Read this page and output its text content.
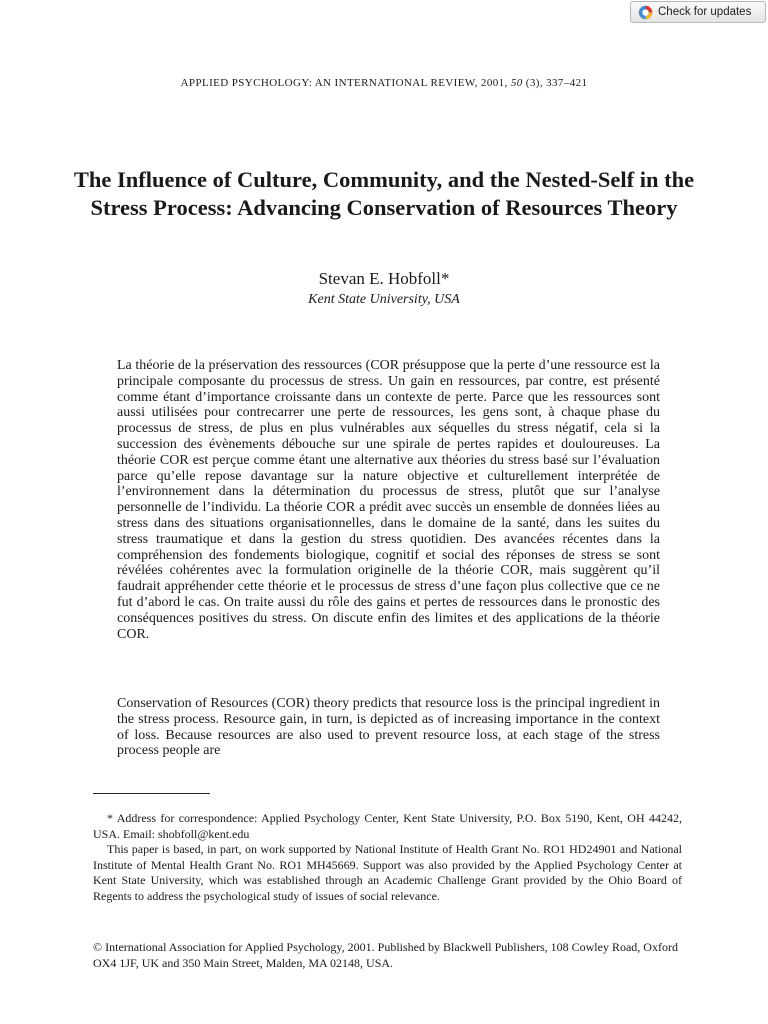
Check for updates
APPLIED PSYCHOLOGY: AN INTERNATIONAL REVIEW, 2001, 50 (3), 337–421
The Influence of Culture, Community, and the Nested-Self in the Stress Process: Advancing Conservation of Resources Theory
Stevan E. Hobfoll*
Kent State University, USA

La théorie de la préservation des ressources (COR présuppose que la perte d’une ressource est la principale composante du processus de stress. Un gain en ressources, par contre, est présenté comme étant d’importance croissante dans un contexte de perte. Parce que les ressources sont aussi utilisées pour contrecarrer une perte de ressources, les gens sont, à chaque phase du processus de stress, de plus en plus vulnérables aux séquelles du stress négatif, cela si la succession des évènements débouche sur une spirale de pertes rapides et douloureuses. La théorie COR est perçue comme étant une alternative aux théories du stress basé sur l’évaluation parce qu’elle repose davantage sur la nature objective et culturellement interprétée de l’environnement dans la détermination du processus de stress, plutôt que sur l’analyse personnelle de l’individu. La théorie COR a prédit avec succès un ensemble de données liées au stress dans des situations organisationnelles, dans le domaine de la santé, dans les suites du stress traumatique et dans la gestion du stress quotidien. Des avancées récentes dans la compréhension des fondements biologique, cognitif et social des réponses de stress se sont révélées cohérentes avec la formulation originelle de la théorie COR, mais suggèrent qu’il faudrait appréhender cette théorie et le processus de stress d’une façon plus collective que ce ne fut d’abord le cas. On traite aussi du rôle des gains et pertes de ressources dans le pronostic des conséquences positives du stress. On discute enfin des limites et des applications de la théorie COR.

Conservation of Resources (COR) theory predicts that resource loss is the principal ingredient in the stress process. Resource gain, in turn, is depicted as of increasing importance in the context of loss. Because resources are also used to prevent resource loss, at each stage of the stress process people are

* Address for correspondence: Applied Psychology Center, Kent State University, P.O. Box 5190, Kent, OH 44242, USA. Email: shobfoll@kent.edu

This paper is based, in part, on work supported by National Institute of Health Grant No. RO1 HD24901 and National Institute of Mental Health Grant No. RO1 MH45669. Support was also provided by the Applied Psychology Center at Kent State University, which was established through an Academic Challenge Grant provided by the Ohio Board of Regents to address the psychological study of issues of social relevance.

© International Association for Applied Psychology, 2001. Published by Blackwell Publishers, 108 Cowley Road, Oxford OX4 1JF, UK and 350 Main Street, Malden, MA 02148, USA.
